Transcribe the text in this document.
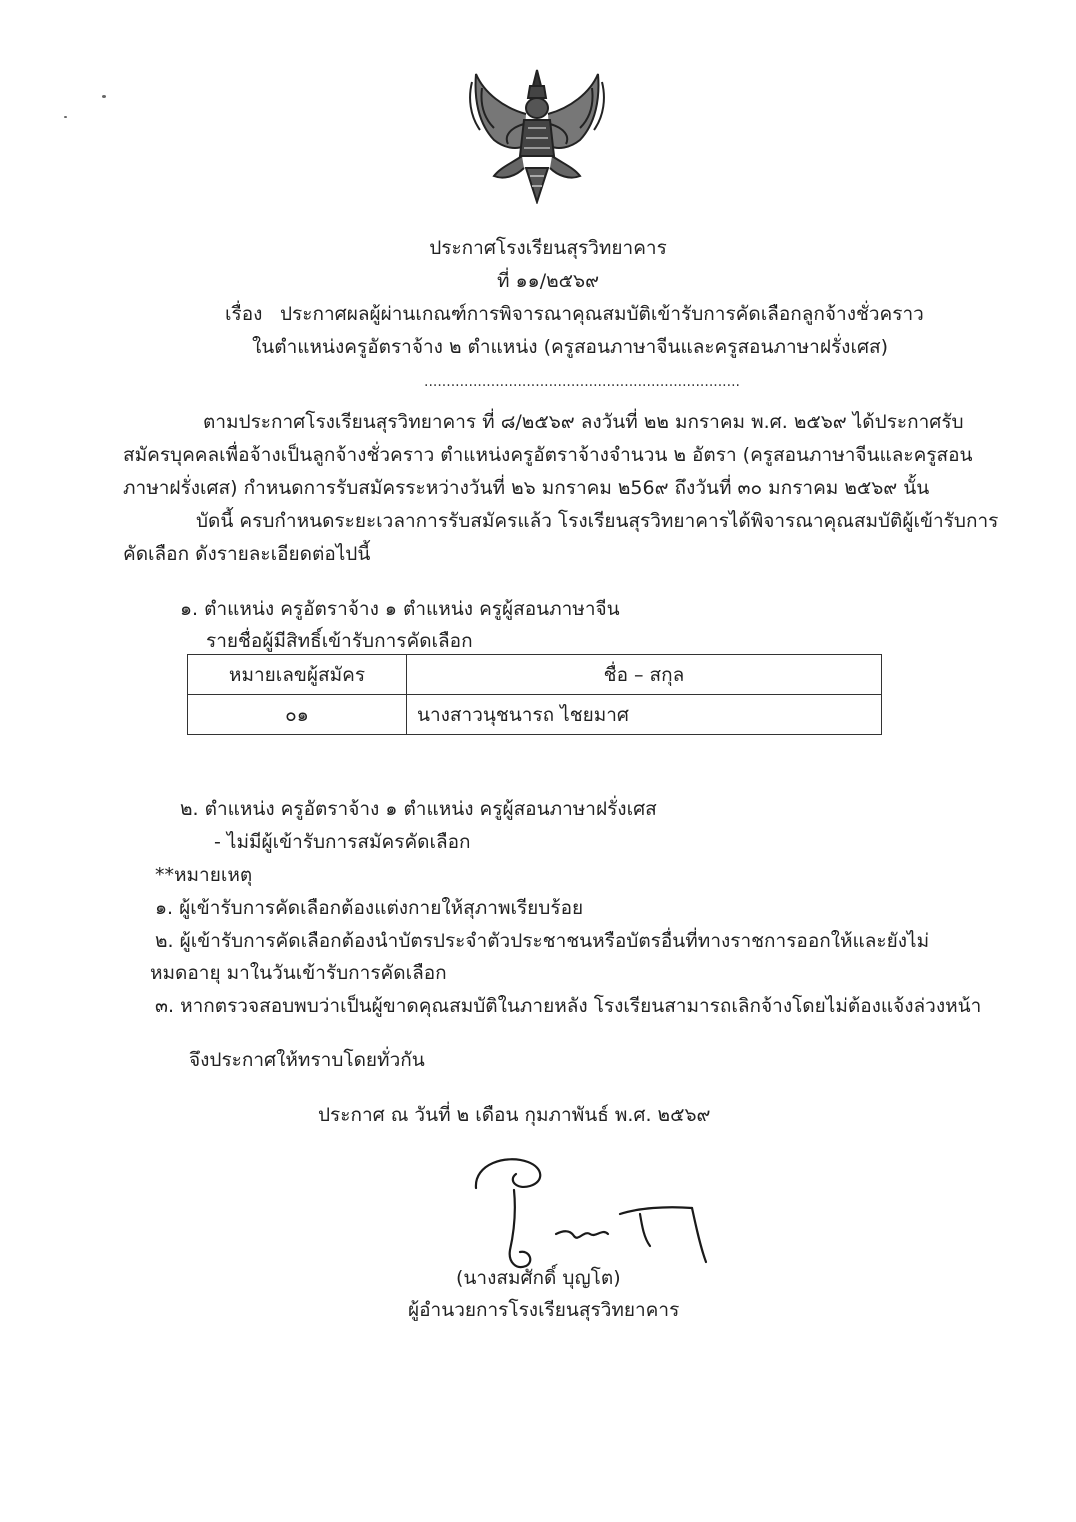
ประกาศโรงเรียนสุรวิทยาคาร
ที่ ๑๑/๒๕๖๙
เรื่อง ประกาศผลผู้ผ่านเกณฑ์การพิจารณาคุณสมบัติเข้ารับการคัดเลือกลูกจ้างชั่วคราว
ในตำแหน่งครูอัตราจ้าง ๒ ตำแหน่ง (ครูสอนภาษาจีนและครูสอนภาษาฝรั่งเศส)
.......................................................................
ตามประกาศโรงเรียนสุรวิทยาคาร ที่ ๘/๒๕๖๙ ลงวันที่ ๒๒ มกราคม พ.ศ. ๒๕๖๙ ได้ประกาศรับ
สมัครบุคคลเพื่อจ้างเป็นลูกจ้างชั่วคราว ตำแหน่งครูอัตราจ้างจำนวน ๒ อัตรา (ครูสอนภาษาจีนและครูสอน
ภาษาฝรั่งเศส) กำหนดการรับสมัครระหว่างวันที่ ๒๖ มกราคม ๒56๙ ถึงวันที่ ๓๐ มกราคม ๒๕๖๙ นั้น
บัดนี้ ครบกำหนดระยะเวลาการรับสมัครแล้ว โรงเรียนสุรวิทยาคารได้พิจารณาคุณสมบัติผู้เข้ารับการ
คัดเลือก ดังรายละเอียดต่อไปนี้
๑. ตำแหน่ง ครูอัตราจ้าง ๑ ตำแหน่ง ครูผู้สอนภาษาจีน
รายชื่อผู้มีสิทธิ์เข้ารับการคัดเลือก
หมายเลขผู้สมัคร	ชื่อ – สกุล
๐๑	นางสาวนุชนารถ ไชยมาศ
๒. ตำแหน่ง ครูอัตราจ้าง ๑ ตำแหน่ง ครูผู้สอนภาษาฝรั่งเศส
- ไม่มีผู้เข้ารับการสมัครคัดเลือก
**หมายเหตุ
๑. ผู้เข้ารับการคัดเลือกต้องแต่งกายให้สุภาพเรียบร้อย
๒. ผู้เข้ารับการคัดเลือกต้องนำบัตรประจำตัวประชาชนหรือบัตรอื่นที่ทางราชการออกให้และยังไม่
หมดอายุ มาในวันเข้ารับการคัดเลือก
๓. หากตรวจสอบพบว่าเป็นผู้ขาดคุณสมบัติในภายหลัง โรงเรียนสามารถเลิกจ้างโดยไม่ต้องแจ้งล่วงหน้า
จึงประกาศให้ทราบโดยทั่วกัน
ประกาศ ณ วันที่ ๒ เดือน กุมภาพันธ์ พ.ศ. ๒๕๖๙
(นางสมศักดิ์ บุญโต)
ผู้อำนวยการโรงเรียนสุรวิทยาคาร
